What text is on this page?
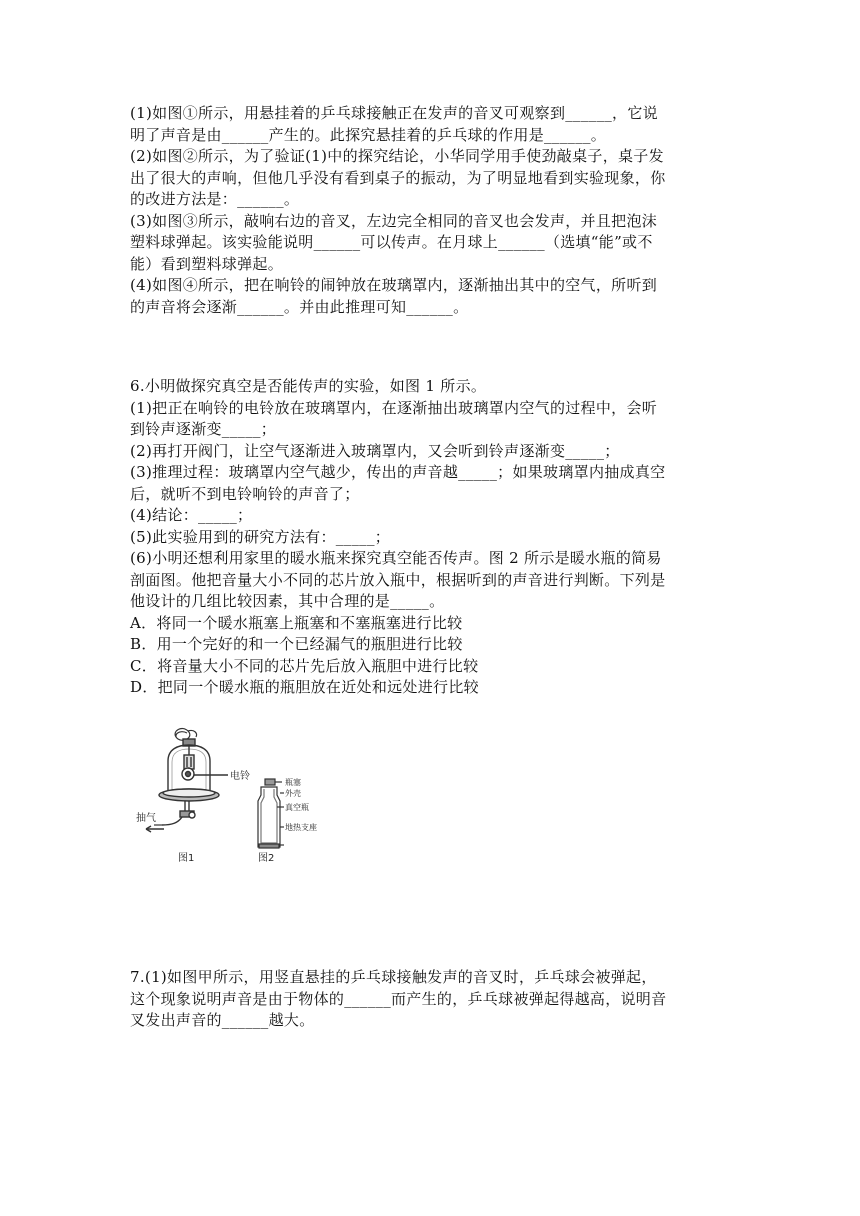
(1)如图①所示，用悬挂着的乒乓球接触正在发声的音叉可观察到______，它说
明了声音是由______产生的。此探究悬挂着的乒乓球的作用是______。
(2)如图②所示，为了验证(1)中的探究结论，小华同学用手使劲敲桌子，桌子发
出了很大的声响，但他几乎没有看到桌子的振动，为了明显地看到实验现象，你
的改进方法是：______。
(3)如图③所示，敲响右边的音叉，左边完全相同的音叉也会发声，并且把泡沫
塑料球弹起。该实验能说明______可以传声。在月球上______（选填“能”或不
能）看到塑料球弹起。
(4)如图④所示，把在响铃的闹钟放在玻璃罩内，逐渐抽出其中的空气，所听到
的声音将会逐渐______。并由此推理可知______。
6.小明做探究真空是否能传声的实验，如图 1 所示。
(1)把正在响铃的电铃放在玻璃罩内，在逐渐抽出玻璃罩内空气的过程中，会听
到铃声逐渐变_____；
(2)再打开阀门，让空气逐渐进入玻璃罩内，又会听到铃声逐渐变_____；
(3)推理过程：玻璃罩内空气越少，传出的声音越_____；如果玻璃罩内抽成真空
后，就听不到电铃响铃的声音了；
(4)结论：_____；
(5)此实验用到的研究方法有：_____；
(6)小明还想利用家里的暖水瓶来探究真空能否传声。图 2 所示是暖水瓶的简易
剖面图。他把音量大小不同的芯片放入瓶中，根据听到的声音进行判断。下列是
他设计的几组比较因素，其中合理的是_____。
A．将同一个暖水瓶塞上瓶塞和不塞瓶塞进行比较
B．用一个完好的和一个已经漏气的瓶胆进行比较
C．将音量大小不同的芯片先后放入瓶胆中进行比较
D．把同一个暖水瓶的瓶胆放在近处和远处进行比较
电铃
抽气
瓶塞
外壳
真空瓶
地热支座
图1	图2
7.(1)如图甲所示，用竖直悬挂的乒乓球接触发声的音叉时，乒乓球会被弹起，
这个现象说明声音是由于物体的______而产生的，乒乓球被弹起得越高，说明音
叉发出声音的______越大。
